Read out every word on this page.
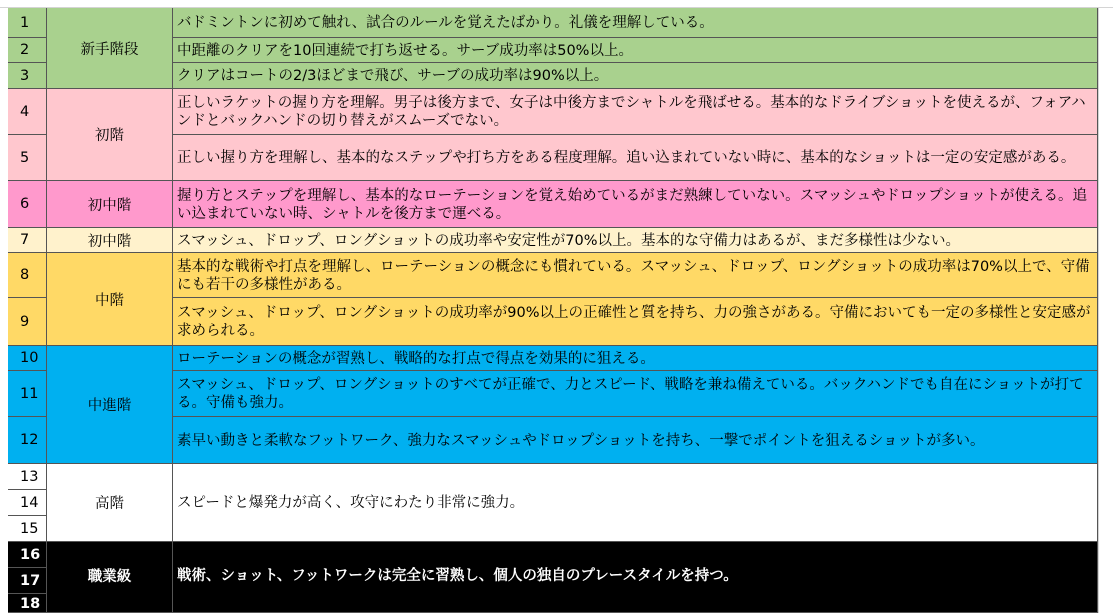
1
2
3
4
5
6
7
8
9
10
11
12
13
14
15
16
17
18
新手階段
初階
初中階
初中階
中階
中進階
高階
職業級
バドミントンに初めて触れ、試合のルールを覚えたばかり。礼儀を理解している。
中距離のクリアを10回連続で打ち返せる。サーブ成功率は50%以上。
クリアはコートの2/3ほどまで飛び、サーブの成功率は90%以上。
正しいラケットの握り方を理解。男子は後方まで、女子は中後方までシャトルを飛ばせる。基本的なドライブショットを使えるが、フォアハンドとバックハンドの切り替えがスムーズでない。
正しい握り方を理解し、基本的なステップや打ち方をある程度理解。追い込まれていない時に、基本的なショットは一定の安定感がある。
握り方とステップを理解し、基本的なローテーションを覚え始めているがまだ熟練していない。スマッシュやドロップショットが使える。追い込まれていない時、シャトルを後方まで運べる。
スマッシュ、ドロップ、ロングショットの成功率や安定性が70%以上。基本的な守備力はあるが、まだ多様性は少ない。
基本的な戦術や打点を理解し、ローテーションの概念にも慣れている。スマッシュ、ドロップ、ロングショットの成功率は70%以上で、守備にも若干の多様性がある。
スマッシュ、ドロップ、ロングショットの成功率が90%以上の正確性と質を持ち、力の強さがある。守備においても一定の多様性と安定感が求められる。
ローテーションの概念が習熟し、戦略的な打点で得点を効果的に狙える。
スマッシュ、ドロップ、ロングショットのすべてが正確で、力とスピード、戦略を兼ね備えている。バックハンドでも自在にショットが打てる。守備も強力。
素早い動きと柔軟なフットワーク、強力なスマッシュやドロップショットを持ち、一撃でポイントを狙えるショットが多い。
スピードと爆発力が高く、攻守にわたり非常に強力。
戦術、ショット、フットワークは完全に習熟し、個人の独自のプレースタイルを持つ。
